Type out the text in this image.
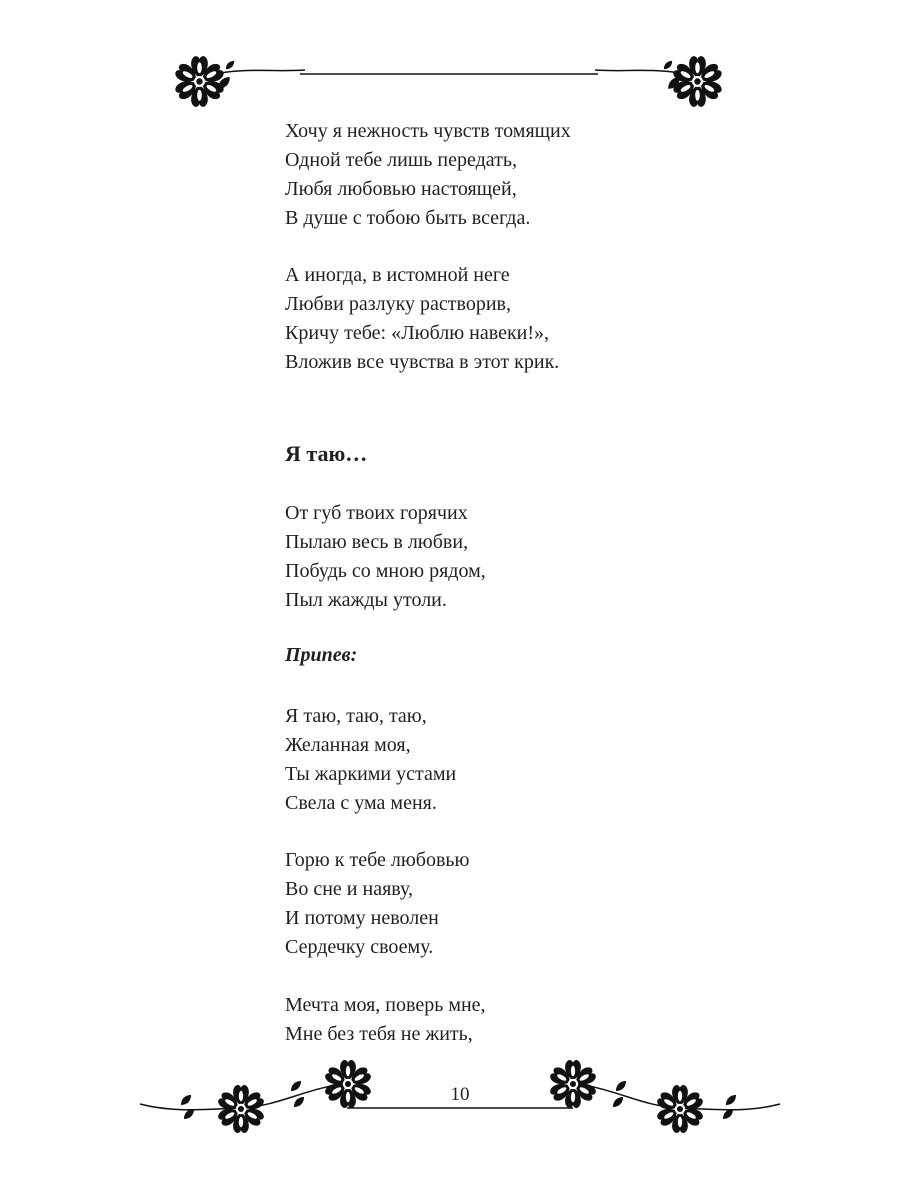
Хочу я нежность чувств томящих
Одной тебе лишь передать,
Любя любовью настоящей,
В душе с тобою быть всегда.
А иногда, в истомной неге
Любви разлуку растворив,
Кричу тебе: «Люблю навеки!»,
Вложив все чувства в этот крик.
Я таю…
От губ твоих горячих
Пылаю весь в любви,
Побудь со мною рядом,
Пыл жажды утоли.
Припев:
Я таю, таю, таю,
Желанная моя,
Ты жаркими устами
Свела с ума меня.
Горю к тебе любовью
Во сне и наяву,
И потому неволен
Сердечку своему.
Мечта моя, поверь мне,
Мне без тебя не жить,
10
